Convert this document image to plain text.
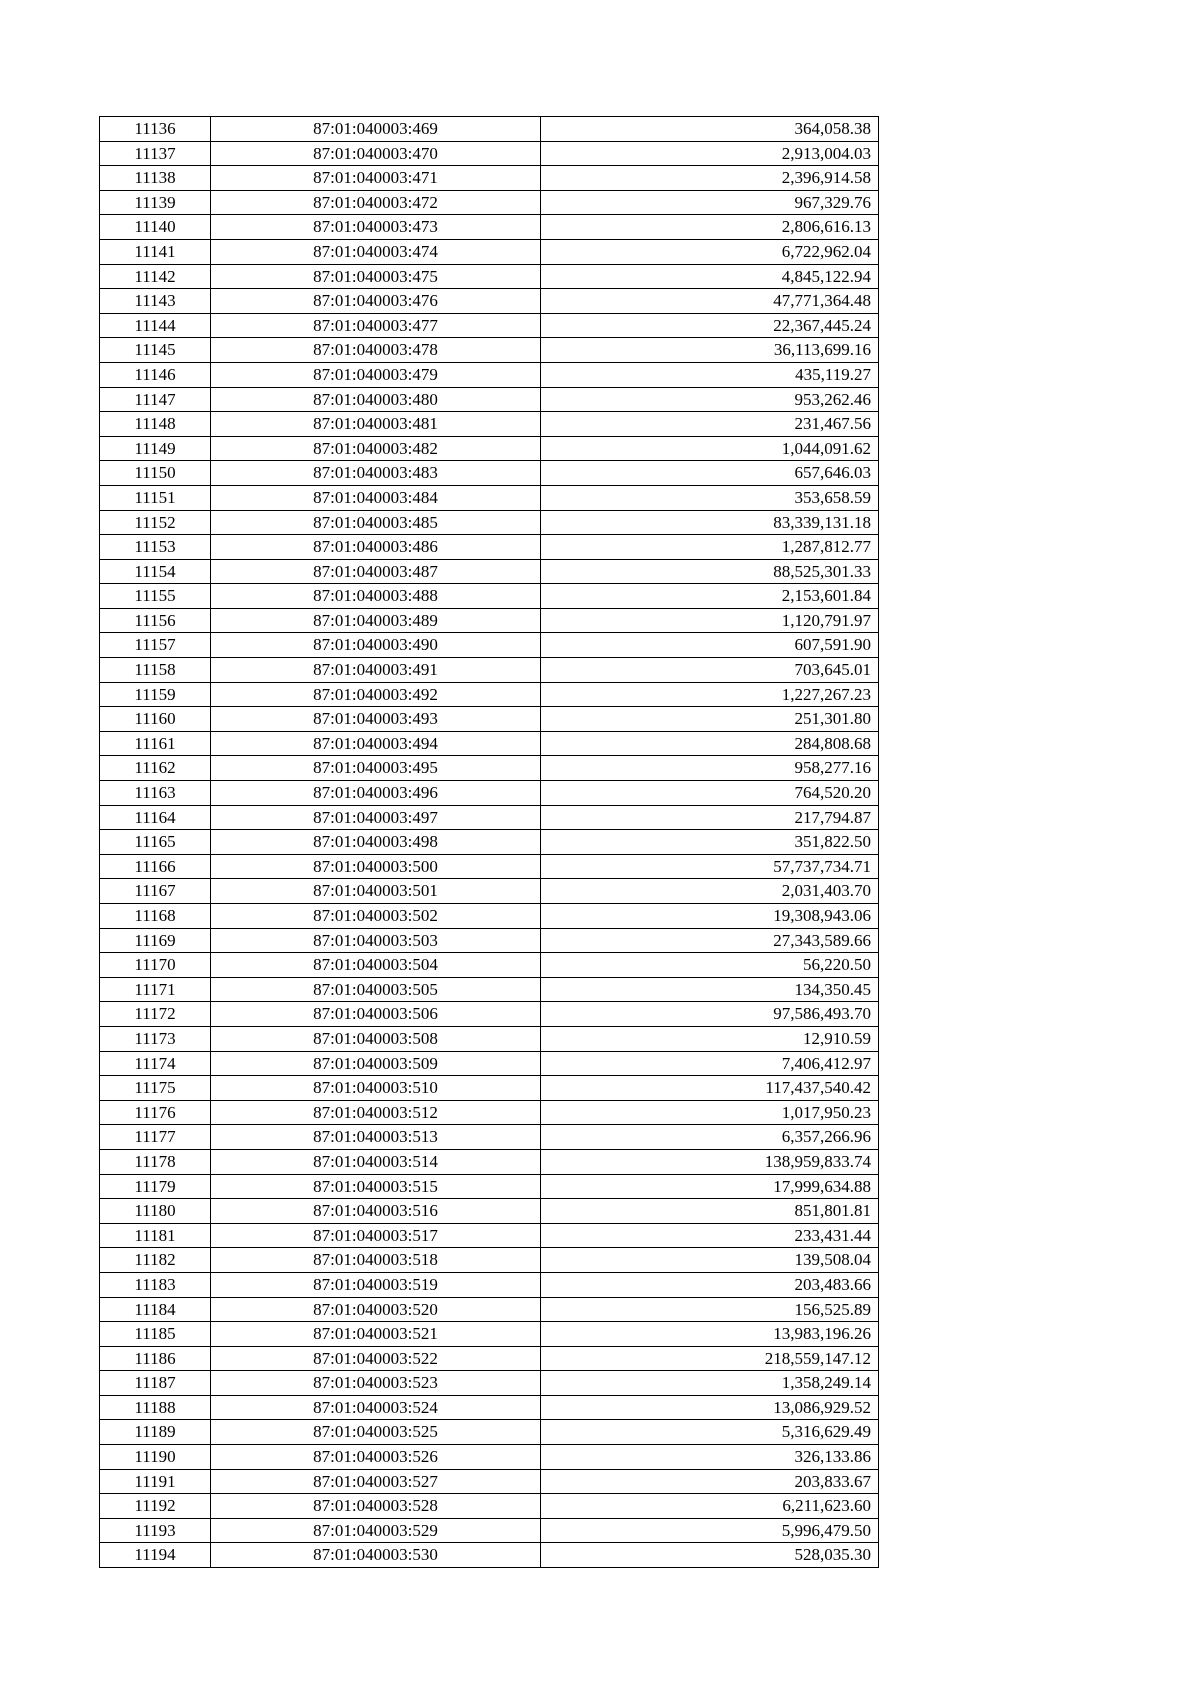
11136	87:01:040003:469	364,058.38
11137	87:01:040003:470	2,913,004.03
11138	87:01:040003:471	2,396,914.58
11139	87:01:040003:472	967,329.76
11140	87:01:040003:473	2,806,616.13
11141	87:01:040003:474	6,722,962.04
11142	87:01:040003:475	4,845,122.94
11143	87:01:040003:476	47,771,364.48
11144	87:01:040003:477	22,367,445.24
11145	87:01:040003:478	36,113,699.16
11146	87:01:040003:479	435,119.27
11147	87:01:040003:480	953,262.46
11148	87:01:040003:481	231,467.56
11149	87:01:040003:482	1,044,091.62
11150	87:01:040003:483	657,646.03
11151	87:01:040003:484	353,658.59
11152	87:01:040003:485	83,339,131.18
11153	87:01:040003:486	1,287,812.77
11154	87:01:040003:487	88,525,301.33
11155	87:01:040003:488	2,153,601.84
11156	87:01:040003:489	1,120,791.97
11157	87:01:040003:490	607,591.90
11158	87:01:040003:491	703,645.01
11159	87:01:040003:492	1,227,267.23
11160	87:01:040003:493	251,301.80
11161	87:01:040003:494	284,808.68
11162	87:01:040003:495	958,277.16
11163	87:01:040003:496	764,520.20
11164	87:01:040003:497	217,794.87
11165	87:01:040003:498	351,822.50
11166	87:01:040003:500	57,737,734.71
11167	87:01:040003:501	2,031,403.70
11168	87:01:040003:502	19,308,943.06
11169	87:01:040003:503	27,343,589.66
11170	87:01:040003:504	56,220.50
11171	87:01:040003:505	134,350.45
11172	87:01:040003:506	97,586,493.70
11173	87:01:040003:508	12,910.59
11174	87:01:040003:509	7,406,412.97
11175	87:01:040003:510	117,437,540.42
11176	87:01:040003:512	1,017,950.23
11177	87:01:040003:513	6,357,266.96
11178	87:01:040003:514	138,959,833.74
11179	87:01:040003:515	17,999,634.88
11180	87:01:040003:516	851,801.81
11181	87:01:040003:517	233,431.44
11182	87:01:040003:518	139,508.04
11183	87:01:040003:519	203,483.66
11184	87:01:040003:520	156,525.89
11185	87:01:040003:521	13,983,196.26
11186	87:01:040003:522	218,559,147.12
11187	87:01:040003:523	1,358,249.14
11188	87:01:040003:524	13,086,929.52
11189	87:01:040003:525	5,316,629.49
11190	87:01:040003:526	326,133.86
11191	87:01:040003:527	203,833.67
11192	87:01:040003:528	6,211,623.60
11193	87:01:040003:529	5,996,479.50
11194	87:01:040003:530	528,035.30
